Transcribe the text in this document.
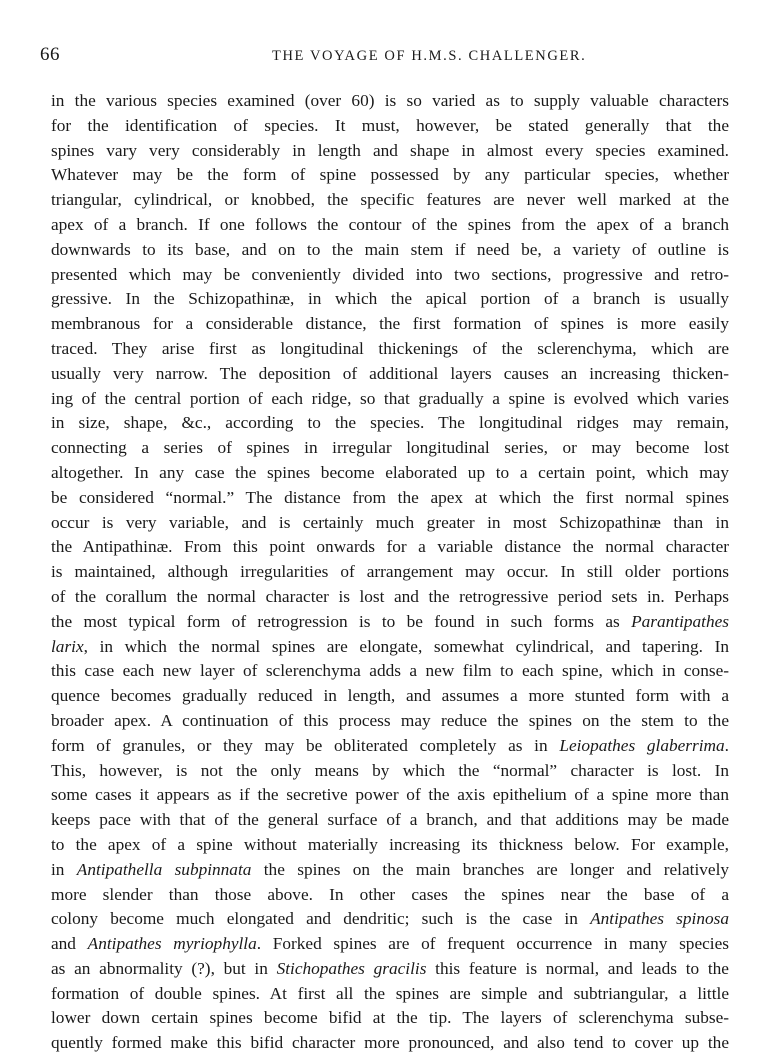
66	THE VOYAGE OF H.M.S. CHALLENGER.
in the various species examined (over 60) is so varied as to supply valuable characters
for the identification of species. It must, however, be stated generally that the
spines vary very considerably in length and shape in almost every species examined.
Whatever may be the form of spine possessed by any particular species, whether
triangular, cylindrical, or knobbed, the specific features are never well marked at the
apex of a branch. If one follows the contour of the spines from the apex of a branch
downwards to its base, and on to the main stem if need be, a variety of outline is
presented which may be conveniently divided into two sections, progressive and retro-
gressive. In the Schizopathinæ, in which the apical portion of a branch is usually
membranous for a considerable distance, the first formation of spines is more easily
traced. They arise first as longitudinal thickenings of the sclerenchyma, which are
usually very narrow. The deposition of additional layers causes an increasing thicken-
ing of the central portion of each ridge, so that gradually a spine is evolved which varies
in size, shape, &c., according to the species. The longitudinal ridges may remain,
connecting a series of spines in irregular longitudinal series, or may become lost
altogether. In any case the spines become elaborated up to a certain point, which may
be considered “normal.” The distance from the apex at which the first normal spines
occur is very variable, and is certainly much greater in most Schizopathinæ than in
the Antipathinæ. From this point onwards for a variable distance the normal character
is maintained, although irregularities of arrangement may occur. In still older portions
of the corallum the normal character is lost and the retrogressive period sets in. Perhaps
the most typical form of retrogression is to be found in such forms as Parantipathes
larix, in which the normal spines are elongate, somewhat cylindrical, and tapering. In
this case each new layer of sclerenchyma adds a new film to each spine, which in conse-
quence becomes gradually reduced in length, and assumes a more stunted form with a
broader apex. A continuation of this process may reduce the spines on the stem to the
form of granules, or they may be obliterated completely as in Leiopathes glaberrima.
This, however, is not the only means by which the “normal” character is lost. In
some cases it appears as if the secretive power of the axis epithelium of a spine more than
keeps pace with that of the general surface of a branch, and that additions may be made
to the apex of a spine without materially increasing its thickness below. For example,
in Antipathella subpinnata the spines on the main branches are longer and relatively
more slender than those above. In other cases the spines near the base of a
colony become much elongated and dendritic; such is the case in Antipathes spinosa
and Antipathes myriophylla. Forked spines are of frequent occurrence in many species
as an abnormality (?), but in Stichopathes gracilis this feature is normal, and leads to the
formation of double spines. At first all the spines are simple and subtriangular, a little
lower down certain spines become bifid at the tip. The layers of sclerenchyma subse-
quently formed make this bifid character more pronounced, and also tend to cover up the
